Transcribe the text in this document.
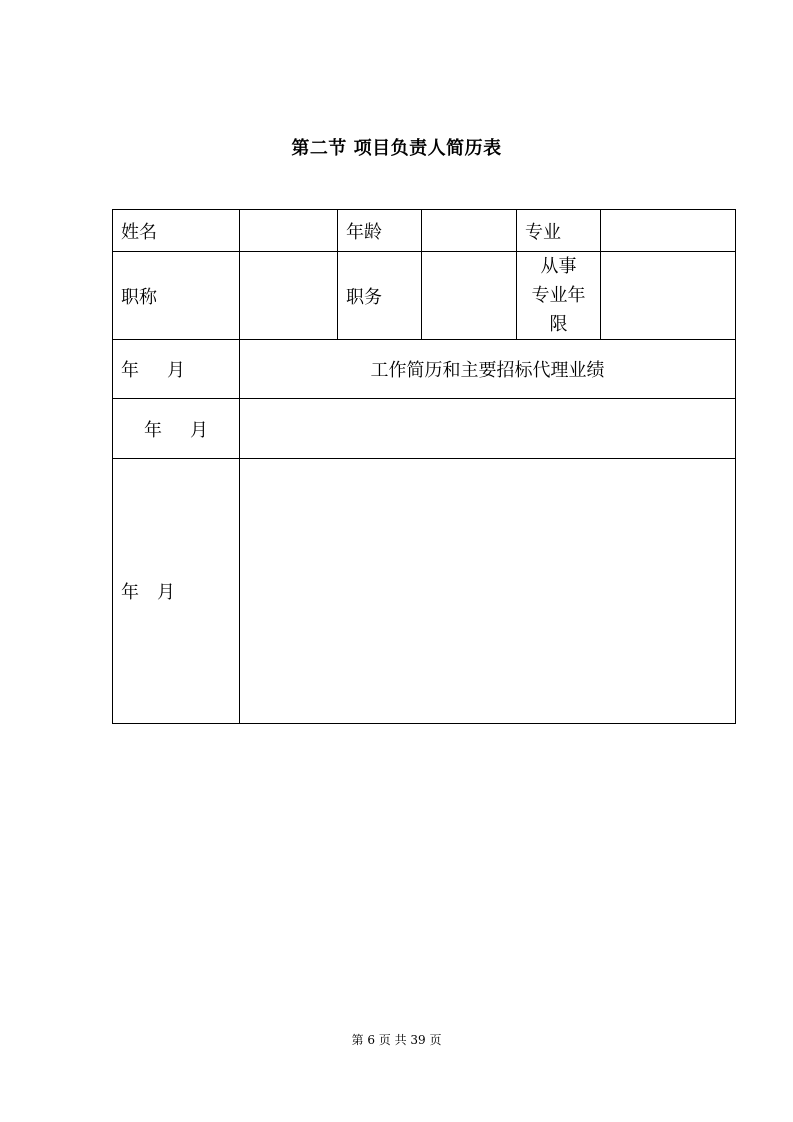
第二节 项目负责人简历表
姓名		年龄		专业	
职称		职务		从事
专业年
限	

年 月	工作简历和主要招标代理业绩				
年 月					
年 月					
第 6 页 共 39 页
